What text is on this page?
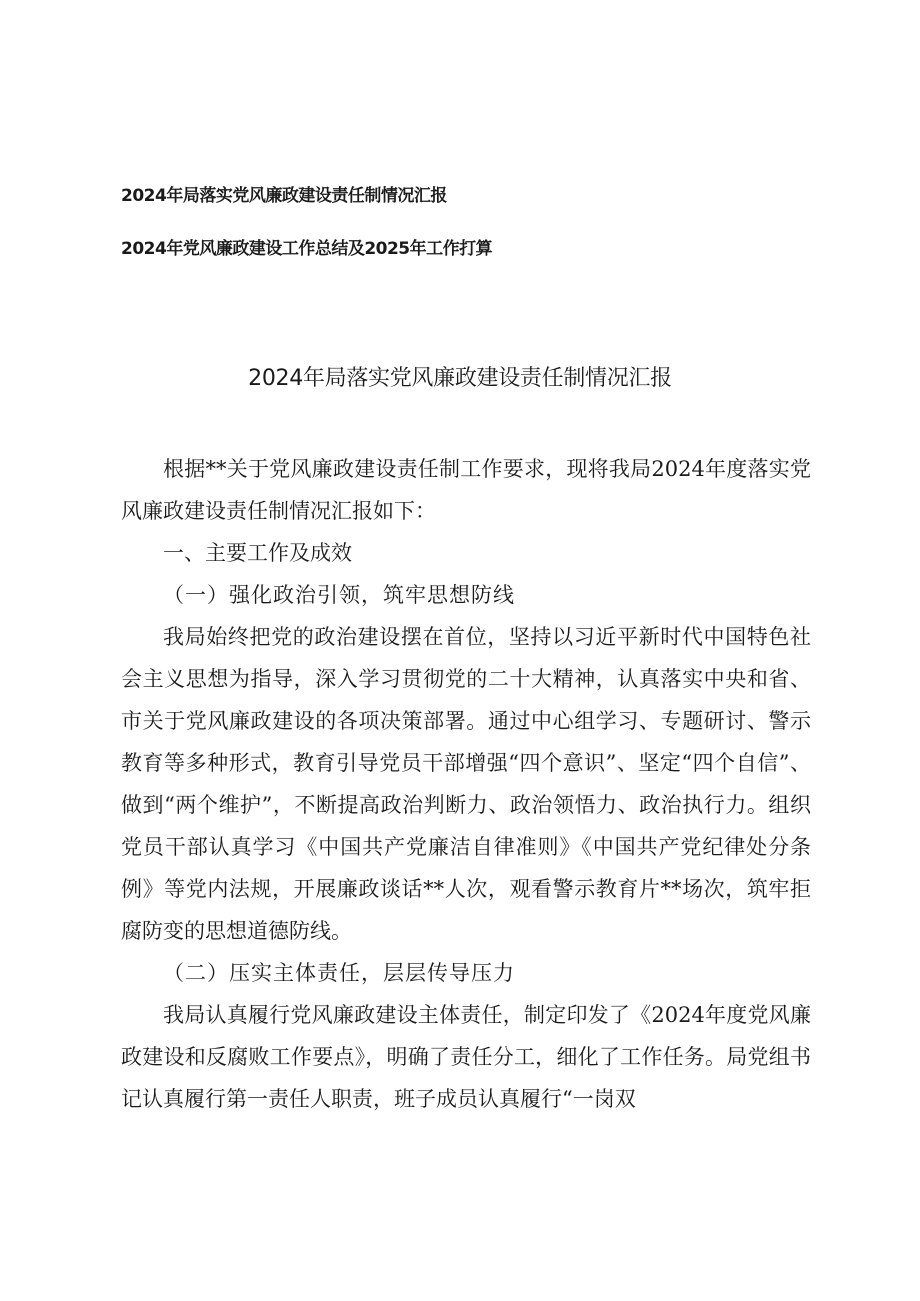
2024年局落实党风廉政建设责任制情况汇报
2024年党风廉政建设工作总结及2025年工作打算
2024年局落实党风廉政建设责任制情况汇报

根据**关于党风廉政建设责任制工作要求，现将我局2024年度落实党风廉政建设责任制情况汇报如下：

一、主要工作及成效

（一）强化政治引领，筑牢思想防线

我局始终把党的政治建设摆在首位，坚持以习近平新时代中国特色社会主义思想为指导，深入学习贯彻党的二十大精神，认真落实中央和省、市关于党风廉政建设的各项决策部署。通过中心组学习、专题研讨、警示教育等多种形式，教育引导党员干部增强“四个意识”、坚定“四个自信”、做到“两个维护”，不断提高政治判断力、政治领悟力、政治执行力。组织党员干部认真学习《中国共产党廉洁自律准则》《中国共产党纪律处分条例》等党内法规，开展廉政谈话**人次，观看警示教育片**场次，筑牢拒腐防变的思想道德防线。

（二）压实主体责任，层层传导压力

我局认真履行党风廉政建设主体责任，制定印发了《2024年度党风廉政建设和反腐败工作要点》，明确了责任分工，细化了工作任务。局党组书记认真履行第一责任人职责，班子成员认真履行“一岗双
